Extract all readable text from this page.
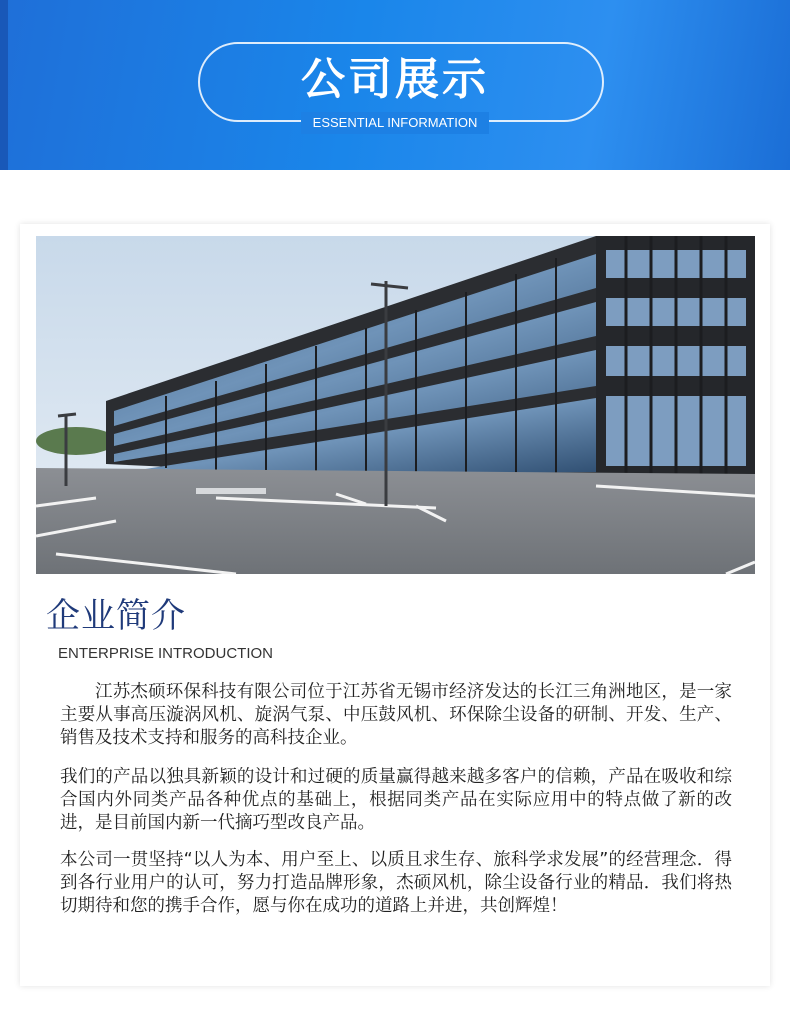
公司展示
ESSENTIAL INFORMATION
企业简介
ENTERPRISE INTRODUCTION

江苏杰硕环保科技有限公司位于江苏省无锡市经济发达的长江三角洲地区，是一家主要从事高压漩涡风机、旋涡气泵、中压鼓风机、环保除尘设备的研制、开发、生产、销售及技术支持和服务的高科技企业。

我们的产品以独具新颖的设计和过硬的质量赢得越来越多客户的信赖，产品在吸收和综合国内外同类产品各种优点的基础上，根据同类产品在实际应用中的特点做了新的改进，是目前国内新一代摘巧型改良产品。

本公司一贯坚持“以人为本、用户至上、以质且求生存、旅科学求发展”的经营理念．得到各行业用户的认可，努力打造品牌形象，杰硕风机，除尘设备行业的精品．我们将热切期待和您的携手合作，愿与你在成功的道路上并进，共创辉煌！
